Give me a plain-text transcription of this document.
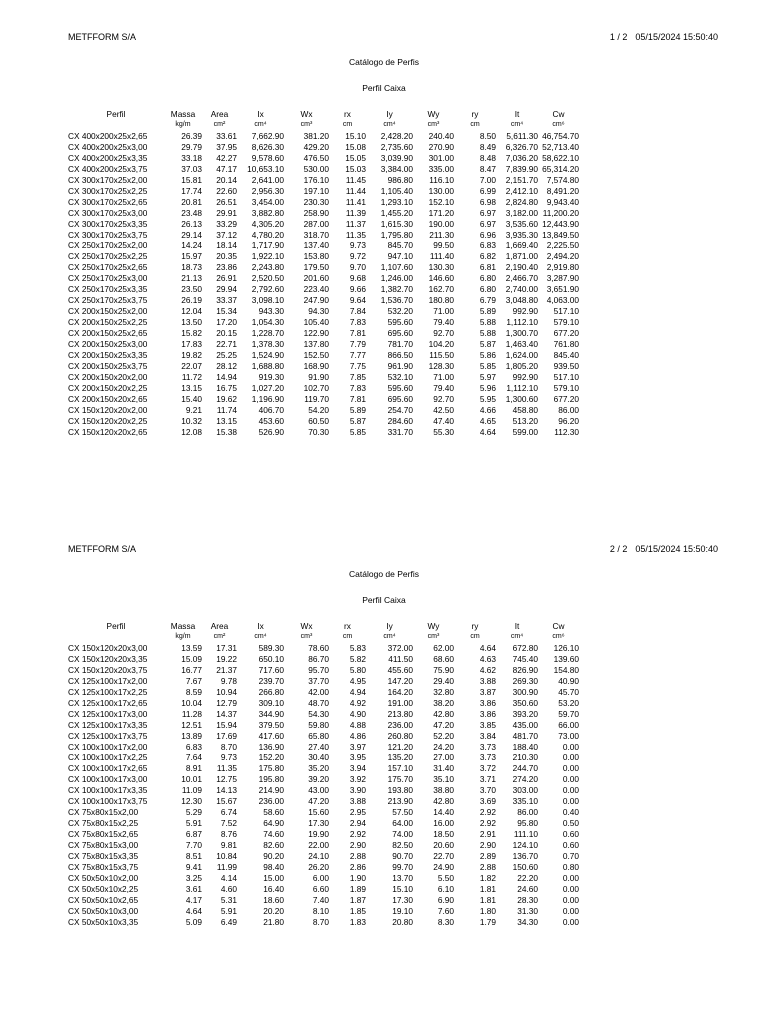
METFFORM S/A	1 / 2 05/15/2024 15:50:40
Catálogo de Perfis
Perfil Caixa
Perfil	Massa	Area	Ix	Wx	rx	Iy	Wy	ry	It	Cw
	kg/m	cm²	cm⁴	cm³	cm	cm⁴	cm³	cm	cm⁴	cm⁶
CX 400x200x25x2,65	26.39	33.61	7,662.90	381.20	15.10	2,428.20	240.40	8.50	5,611.30	46,754.70
CX 400x200x25x3,00	29.79	37.95	8,626.30	429.20	15.08	2,735.60	270.90	8.49	6,326.70	52,713.40
CX 400x200x25x3,35	33.18	42.27	9,578.60	476.50	15.05	3,039.90	301.00	8.48	7,036.20	58,622.10
CX 400x200x25x3,75	37.03	47.17	10,653.10	530.00	15.03	3,384.00	335.00	8.47	7,839.90	65,314.20
CX 300x170x25x2,00	15.81	20.14	2,641.00	176.10	11.45	986.80	116.10	7.00	2,151.70	7,574.80
CX 300x170x25x2,25	17.74	22.60	2,956.30	197.10	11.44	1,105.40	130.00	6.99	2,412.10	8,491.20
CX 300x170x25x2,65	20.81	26.51	3,454.00	230.30	11.41	1,293.10	152.10	6.98	2,824.80	9,943.40
CX 300x170x25x3,00	23.48	29.91	3,882.80	258.90	11.39	1,455.20	171.20	6.97	3,182.00	11,200.20
CX 300x170x25x3,35	26.13	33.29	4,305.20	287.00	11.37	1,615.30	190.00	6.97	3,535.60	12,443.90
CX 300x170x25x3,75	29.14	37.12	4,780.20	318.70	11.35	1,795.80	211.30	6.96	3,935.30	13,849.50
CX 250x170x25x2,00	14.24	18.14	1,717.90	137.40	9.73	845.70	99.50	6.83	1,669.40	2,225.50
CX 250x170x25x2,25	15.97	20.35	1,922.10	153.80	9.72	947.10	111.40	6.82	1,871.00	2,494.20
CX 250x170x25x2,65	18.73	23.86	2,243.80	179.50	9.70	1,107.60	130.30	6.81	2,190.40	2,919.80
CX 250x170x25x3,00	21.13	26.91	2,520.50	201.60	9.68	1,246.00	146.60	6.80	2,466.70	3,287.90
CX 250x170x25x3,35	23.50	29.94	2,792.60	223.40	9.66	1,382.70	162.70	6.80	2,740.00	3,651.90
CX 250x170x25x3,75	26.19	33.37	3,098.10	247.90	9.64	1,536.70	180.80	6.79	3,048.80	4,063.00
CX 200x150x25x2,00	12.04	15.34	943.30	94.30	7.84	532.20	71.00	5.89	992.90	517.10
CX 200x150x25x2,25	13.50	17.20	1,054.30	105.40	7.83	595.60	79.40	5.88	1,112.10	579.10
CX 200x150x25x2,65	15.82	20.15	1,228.70	122.90	7.81	695.60	92.70	5.88	1,300.70	677.20
CX 200x150x25x3,00	17.83	22.71	1,378.30	137.80	7.79	781.70	104.20	5.87	1,463.40	761.80
CX 200x150x25x3,35	19.82	25.25	1,524.90	152.50	7.77	866.50	115.50	5.86	1,624.00	845.40
CX 200x150x25x3,75	22.07	28.12	1,688.80	168.90	7.75	961.90	128.30	5.85	1,805.20	939.50
CX 200x150x20x2,00	11.72	14.94	919.30	91.90	7.85	532.10	71.00	5.97	992.90	517.10
CX 200x150x20x2,25	13.15	16.75	1,027.20	102.70	7.83	595.60	79.40	5.96	1,112.10	579.10
CX 200x150x20x2,65	15.40	19.62	1,196.90	119.70	7.81	695.60	92.70	5.95	1,300.60	677.20
CX 150x120x20x2,00	9.21	11.74	406.70	54.20	5.89	254.70	42.50	4.66	458.80	86.00
CX 150x120x20x2,25	10.32	13.15	453.60	60.50	5.87	284.60	47.40	4.65	513.20	96.20
CX 150x120x20x2,65	12.08	15.38	526.90	70.30	5.85	331.70	55.30	4.64	599.00	112.30
METFFORM S/A	2 / 2 05/15/2024 15:50:40
Catálogo de Perfis
Perfil Caixa
Perfil	Massa	Area	Ix	Wx	rx	Iy	Wy	ry	It	Cw
	kg/m	cm²	cm⁴	cm³	cm	cm⁴	cm³	cm	cm⁴	cm⁶
CX 150x120x20x3,00	13.59	17.31	589.30	78.60	5.83	372.00	62.00	4.64	672.80	126.10
CX 150x120x20x3,35	15.09	19.22	650.10	86.70	5.82	411.50	68.60	4.63	745.40	139.60
CX 150x120x20x3,75	16.77	21.37	717.60	95.70	5.80	455.60	75.90	4.62	826.90	154.80
CX 125x100x17x2,00	7.67	9.78	239.70	37.70	4.95	147.20	29.40	3.88	269.30	40.90
CX 125x100x17x2,25	8.59	10.94	266.80	42.00	4.94	164.20	32.80	3.87	300.90	45.70
CX 125x100x17x2,65	10.04	12.79	309.10	48.70	4.92	191.00	38.20	3.86	350.60	53.20
CX 125x100x17x3,00	11.28	14.37	344.90	54.30	4.90	213.80	42.80	3.86	393.20	59.70
CX 125x100x17x3,35	12.51	15.94	379.50	59.80	4.88	236.00	47.20	3.85	435.00	66.00
CX 125x100x17x3,75	13.89	17.69	417.60	65.80	4.86	260.80	52.20	3.84	481.70	73.00
CX 100x100x17x2,00	6.83	8.70	136.90	27.40	3.97	121.20	24.20	3.73	188.40	0.00
CX 100x100x17x2,25	7.64	9.73	152.20	30.40	3.95	135.20	27.00	3.73	210.30	0.00
CX 100x100x17x2,65	8.91	11.35	175.80	35.20	3.94	157.10	31.40	3.72	244.70	0.00
CX 100x100x17x3,00	10.01	12.75	195.80	39.20	3.92	175.70	35.10	3.71	274.20	0.00
CX 100x100x17x3,35	11.09	14.13	214.90	43.00	3.90	193.80	38.80	3.70	303.00	0.00
CX 100x100x17x3,75	12.30	15.67	236.00	47.20	3.88	213.90	42.80	3.69	335.10	0.00
CX 75x80x15x2,00	5.29	6.74	58.60	15.60	2.95	57.50	14.40	2.92	86.00	0.40
CX 75x80x15x2,25	5.91	7.52	64.90	17.30	2.94	64.00	16.00	2.92	95.80	0.50
CX 75x80x15x2,65	6.87	8.76	74.60	19.90	2.92	74.00	18.50	2.91	111.10	0.60
CX 75x80x15x3,00	7.70	9.81	82.60	22.00	2.90	82.50	20.60	2.90	124.10	0.60
CX 75x80x15x3,35	8.51	10.84	90.20	24.10	2.88	90.70	22.70	2.89	136.70	0.70
CX 75x80x15x3,75	9.41	11.99	98.40	26.20	2.86	99.70	24.90	2.88	150.60	0.80
CX 50x50x10x2,00	3.25	4.14	15.00	6.00	1.90	13.70	5.50	1.82	22.20	0.00
CX 50x50x10x2,25	3.61	4.60	16.40	6.60	1.89	15.10	6.10	1.81	24.60	0.00
CX 50x50x10x2,65	4.17	5.31	18.60	7.40	1.87	17.30	6.90	1.81	28.30	0.00
CX 50x50x10x3,00	4.64	5.91	20.20	8.10	1.85	19.10	7.60	1.80	31.30	0.00
CX 50x50x10x3,35	5.09	6.49	21.80	8.70	1.83	20.80	8.30	1.79	34.30	0.00
